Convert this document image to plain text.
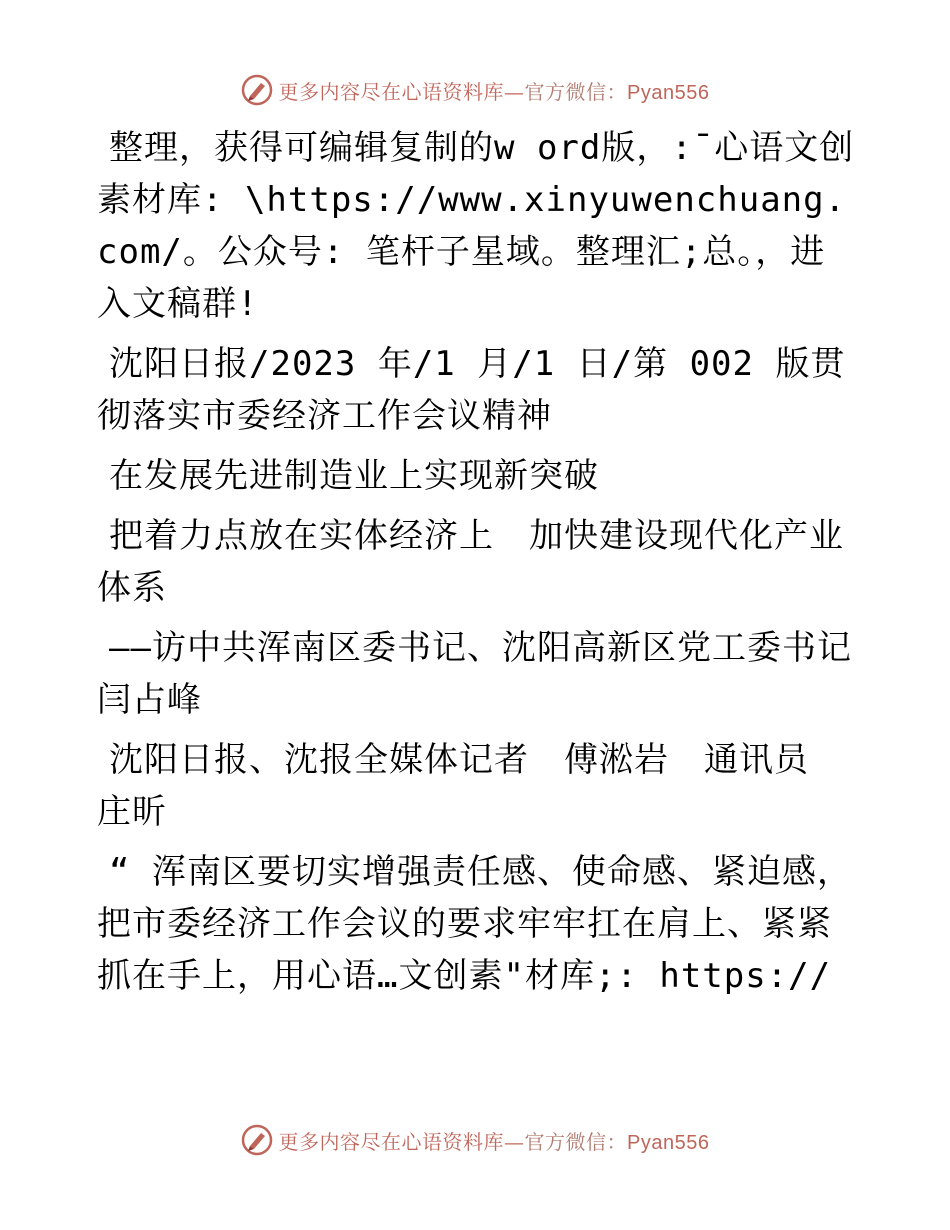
更多内容尽在心语资料库—官方微信：Pyan556

整理，获得可编辑复制的w ord版，:¯心语文创素材库: \https://www.xinyuwenchuang.com/。公众号: 笔杆子星域。整理汇;总。，进入文稿群!

沈阳日报/2023 年/1 月/1 日/第 002 版贯彻落实市委经济工作会议精神

在发展先进制造业上实现新突破

把着力点放在实体经济上　加快建设现代化产业体系

——访中共浑南区委书记、沈阳高新区党工委书记闫占峰

沈阳日报、沈报全媒体记者　傅淞岩　通讯员　庄昕

“ 浑南区要切实增强责任感、使命感、紧迫感，把市委经济工作会议的要求牢牢扛在肩上、紧紧抓在手上，用心语…文创素"材库;: https://

更多内容尽在心语资料库—官方微信：Pyan556
